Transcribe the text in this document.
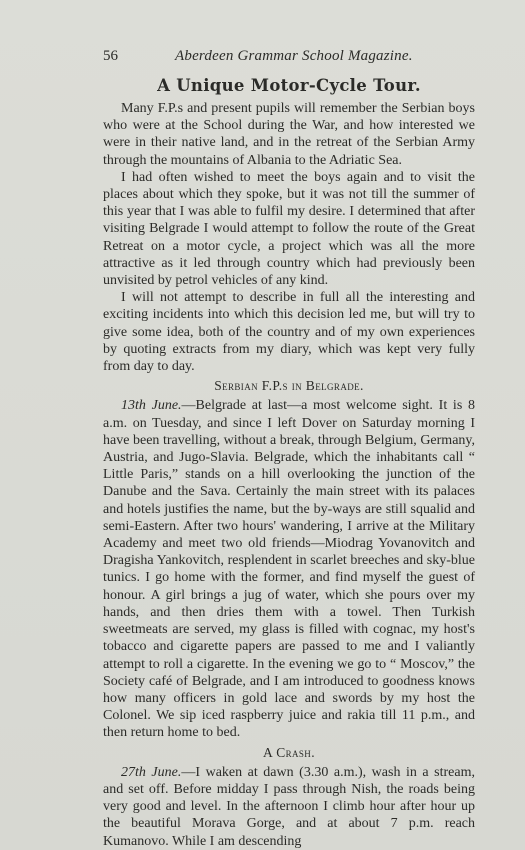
56	Aberdeen Grammar School Magazine.
A Unique Motor-Cycle Tour.

Many F.P.s and present pupils will remember the Serbian boys who were at the School during the War, and how interested we were in their native land, and in the retreat of the Serbian Army through the mountains of Albania to the Adriatic Sea.

I had often wished to meet the boys again and to visit the places about which they spoke, but it was not till the summer of this year that I was able to fulfil my desire. I determined that after visiting Belgrade I would attempt to follow the route of the Great Retreat on a motor cycle, a project which was all the more attractive as it led through country which had previously been unvisited by petrol vehicles of any kind.

I will not attempt to describe in full all the interesting and exciting incidents into which this decision led me, but will try to give some idea, both of the country and of my own experiences by quoting extracts from my diary, which was kept very fully from day to day.

Serbian F.P.s in Belgrade.

13th June.—Belgrade at last—a most welcome sight. It is 8 a.m. on Tuesday, and since I left Dover on Saturday morning I have been travelling, without a break, through Belgium, Germany, Austria, and Jugo-Slavia. Belgrade, which the inhabitants call “ Little Paris,” stands on a hill overlooking the junction of the Danube and the Sava. Certainly the main street with its palaces and hotels justifies the name, but the by-ways are still squalid and semi-Eastern. After two hours' wandering, I arrive at the Military Academy and meet two old friends—Miodrag Yovanovitch and Dragisha Yankovitch, resplendent in scarlet breeches and sky-blue tunics. I go home with the former, and find myself the guest of honour. A girl brings a jug of water, which she pours over my hands, and then dries them with a towel. Then Turkish sweetmeats are served, my glass is filled with cognac, my host's tobacco and cigarette papers are passed to me and I valiantly attempt to roll a cigarette. In the evening we go to “ Moscov,” the Society café of Belgrade, and I am introduced to goodness knows how many officers in gold lace and swords by my host the Colonel. We sip iced raspberry juice and rakia till 11 p.m., and then return home to bed.

A Crash.

27th June.—I waken at dawn (3.30 a.m.), wash in a stream, and set off. Before midday I pass through Nish, the roads being very good and level. In the afternoon I climb hour after hour up the beautiful Morava Gorge, and at about 7 p.m. reach Kumanovo. While I am descending
